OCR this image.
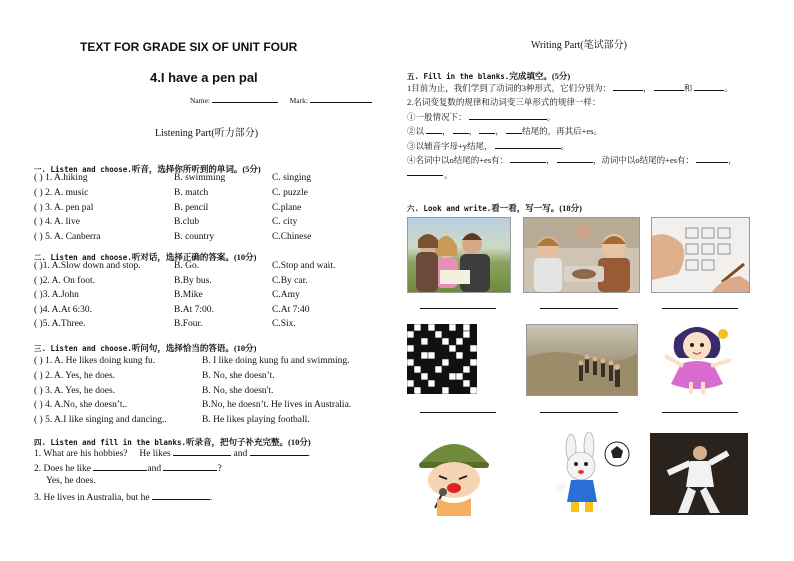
TEXT FOR GRADE SIX OF UNIT FOUR
4.I have a pen pal
Name:	Mark:
Listening Part(听力部分)
一. Listen and choose.听音，选择你所听到的单词。(5分)
( ) 1. A.hiking	B. swimming	C. singing
( ) 2. A. music	B. match	C. puzzle
( ) 3. A. pen pal	B. pencil	C.plane
( ) 4. A. live	B.club	C. city
( ) 5. A. Canberra	B. country	C.Chinese
二. Listen and choose.听对话，选择正确的答案。(10分)
( )1. A.Slow down and stop.	B. Go.	C.Stop and wait.
( )2. A. On foot.	B.By bus.	C.By car.
( )3. A.John	B.Mike	C.Amy
( )4. A.At 6:30.	B.At 7:00.	C.At 7:40
( )5. A.Three.	B.Four.	C.Six.
三. Listen and choose.听问句，选择恰当的答语。(10分)
( ) 1. A. He likes doing kung fu.	B. I like doing kung fu and swimming.
( ) 2. A. Yes, he does.	B. No, she doesn’t.
( ) 3. A. Yes, he does.	B. No, she doesn't.
( ) 4. A.No, she doesn’t..	B.No, he doesn’t. He lives in Australia.
( ) 5. A.I like singing and dancing..	B. He likes playing football.
四. Listen and fill in the blanks.听录音，把句子补充完整。(10分)
1. What are his hobbies? He likes	and	.
2. Does he like	and	?
Yes, he does.
3. He lives in Australia, but he	.
Writing Part(笔试部分)
五. Fill in the blanks.完成填空。(5分)
1目前为止，我们学到了动词的3种形式，它们分别为：	，	和	。
2.名词变复数的规律和动词变三单形式的规律一样：
①一般情况下：	。
②以 ， ， ， 结尾的，再其后+es。
③以辅音字母+y结尾，	。
④名词中以o结尾的+es有：	，	，动词中以o结尾的+es有：	，
。
六. Look and write.看一看，写一写。(18分)
